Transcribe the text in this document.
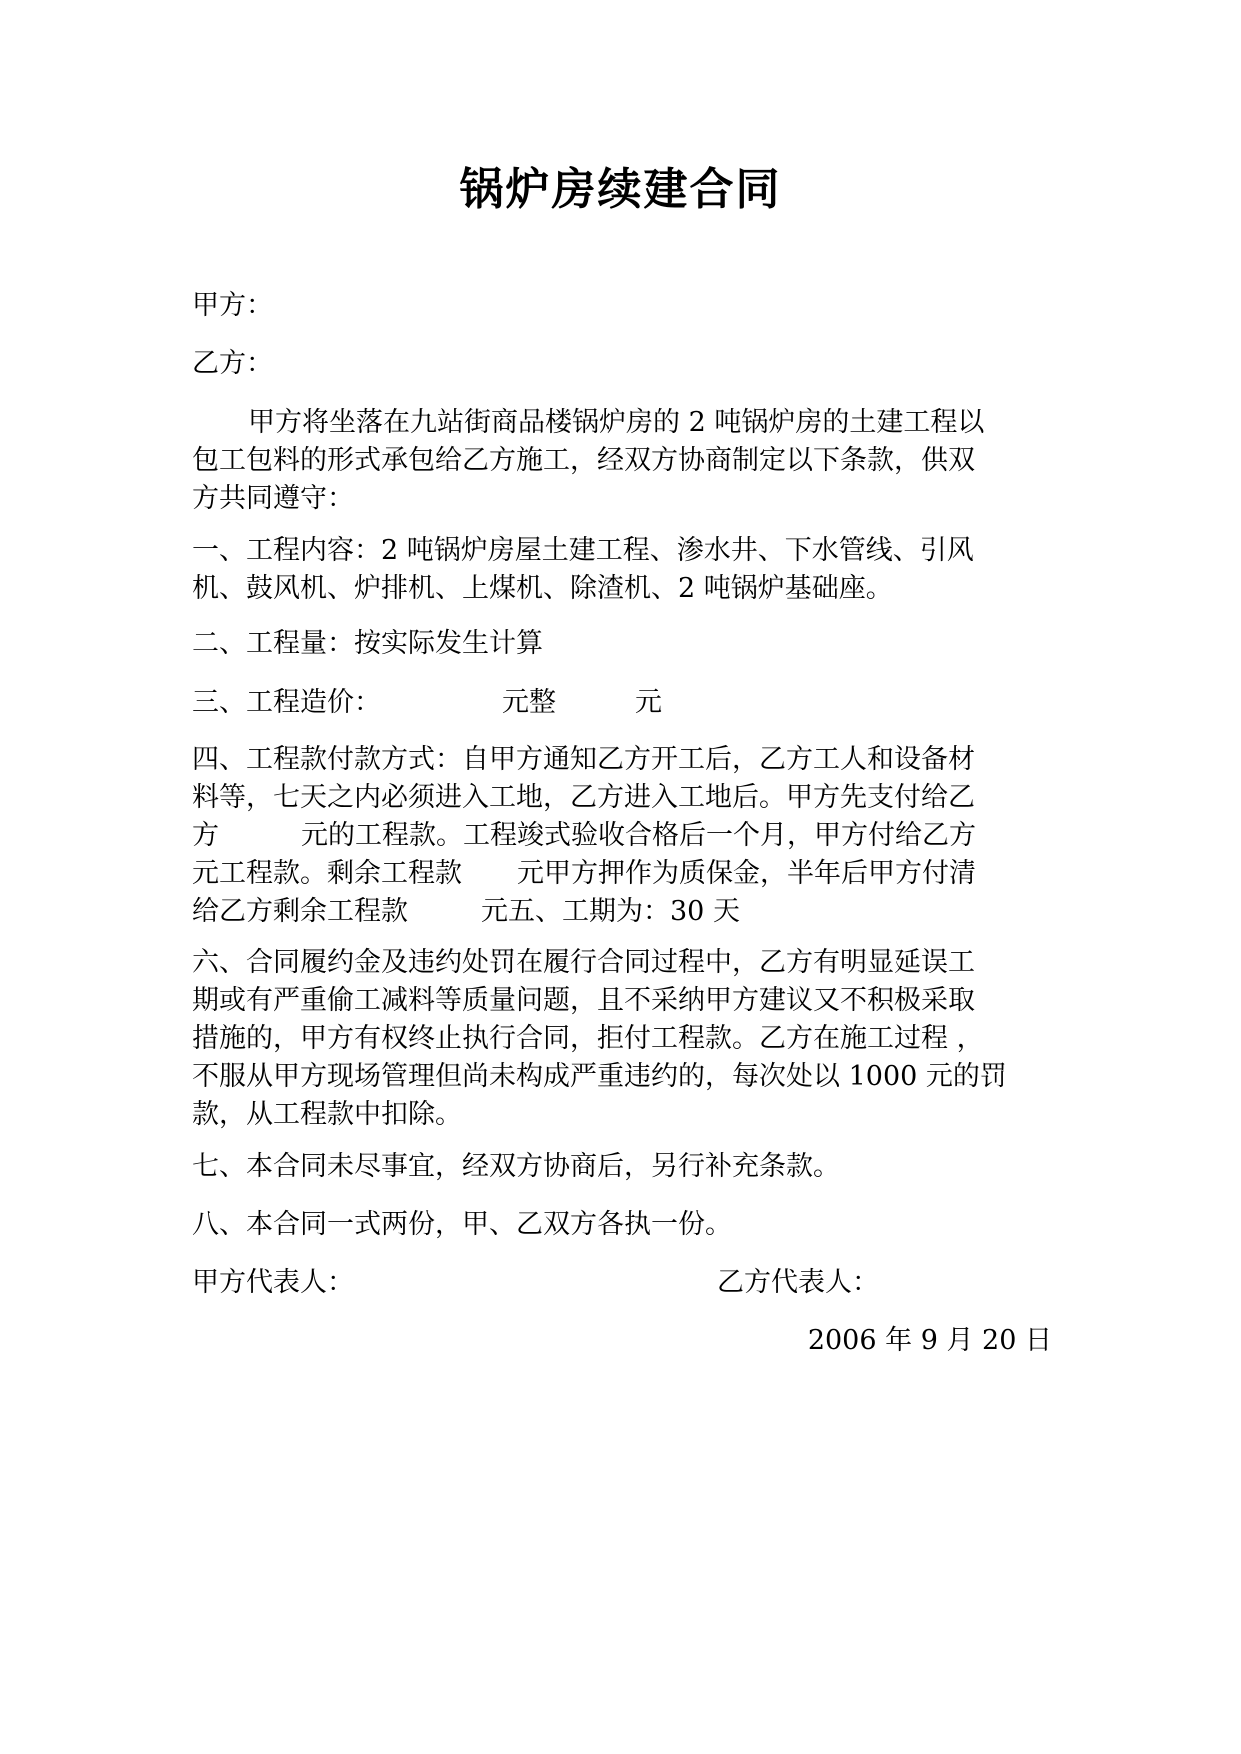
锅炉房续建合同
甲方：
乙方：
甲方将坐落在九站街商品楼锅炉房的 2 吨锅炉房的土建工程以
包工包料的形式承包给乙方施工，经双方协商制定以下条款，供双
方共同遵守：
一、工程内容：2 吨锅炉房屋土建工程、渗水井、下水管线、引风
机、鼓风机、炉排机、上煤机、除渣机、2 吨锅炉基础座。
二、工程量：按实际发生计算
三、工程造价：	元整	元
四、工程款付款方式：自甲方通知乙方开工后，乙方工人和设备材
料等，七天之内必须进入工地，乙方进入工地后。甲方先支付给乙
方	元的工程款。工程竣式验收合格后一个月，甲方付给乙方
元工程款。剩余工程款 元甲方押作为质保金，半年后甲方付清
给乙方剩余工程款	元五、工期为：30 天
六、合同履约金及违约处罚在履行合同过程中，乙方有明显延误工
期或有严重偷工减料等质量问题，且不采纳甲方建议又不积极采取
措施的，甲方有权终止执行合同，拒付工程款。乙方在施工过程 ，
不服从甲方现场管理但尚未构成严重违约的，每次处以 1000 元的罚
款，从工程款中扣除。
七、本合同未尽事宜，经双方协商后，另行补充条款。
八、本合同一式两份，甲、乙双方各执一份。
甲方代表人：	乙方代表人：
2006 年 9 月 20 日
